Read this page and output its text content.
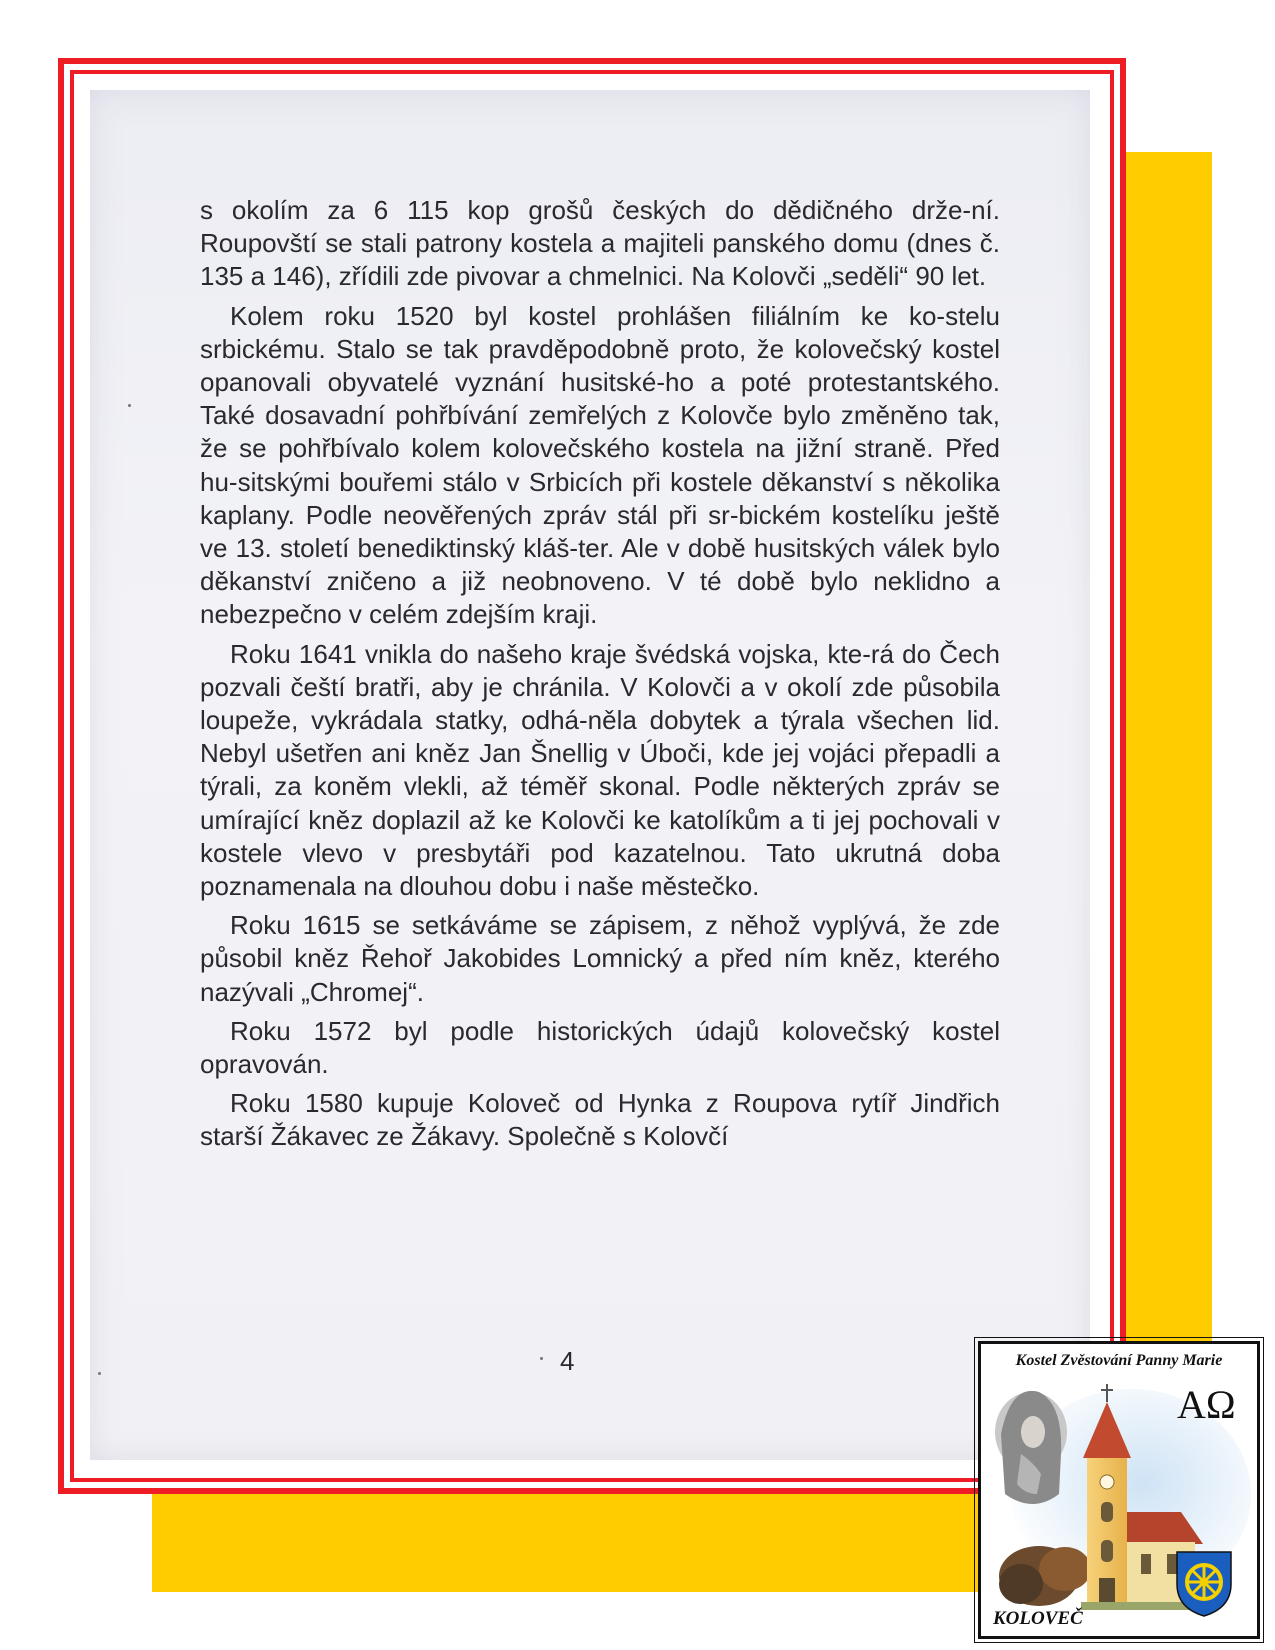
s okolím za 6 115 kop grošů českých do dědičného drže-ní. Roupovští se stali patrony kostela a majiteli panského domu (dnes č. 135 a 146), zřídili zde pivovar a chmelnici. Na Kolovči „seděli“ 90 let.

Kolem roku 1520 byl kostel prohlášen filiálním ke ko-stelu srbickému. Stalo se tak pravděpodobně proto, že kolovečský kostel opanovali obyvatelé vyznání husitské-ho a poté protestantského. Také dosavadní pohřbívání zemřelých z Kolovče bylo změněno tak, že se pohřbívalo kolem kolovečského kostela na jižní straně. Před hu-sitskými bouřemi stálo v Srbicích při kostele děkanství s několika kaplany. Podle neověřených zpráv stál při sr-bickém kostelíku ještě ve 13. století benediktinský kláš-ter. Ale v době husitských válek bylo děkanství zničeno a již neobnoveno. V té době bylo neklidno a nebezpečno v celém zdejším kraji.

Roku 1641 vnikla do našeho kraje švédská vojska, kte-rá do Čech pozvali čeští bratři, aby je chránila. V Kolovči a v okolí zde působila loupeže, vykrádala statky, odhá-něla dobytek a týrala všechen lid. Nebyl ušetřen ani kněz Jan Šnellig v Úboči, kde jej vojáci přepadli a týrali, za koněm vlekli, až téměř skonal. Podle některých zpráv se umírající kněz doplazil až ke Kolovči ke katolíkům a ti jej pochovali v kostele vlevo v presbytáři pod kazatelnou. Tato ukrutná doba poznamenala na dlouhou dobu i naše městečko.

Roku 1615 se setkáváme se zápisem, z něhož vyplývá, že zde působil kněz Řehoř Jakobides Lomnický a před ním kněz, kterého nazývali „Chromej“.

Roku 1572 byl podle historických údajů kolovečský kostel opravován.

Roku 1580 kupuje Koloveč od Hynka z Roupova rytíř Jindřich starší Žákavec ze Žákavy. Společně s Kolovčí

4
AΩ
Kostel Zvěstování Panny Marie
KOLOVEČ
